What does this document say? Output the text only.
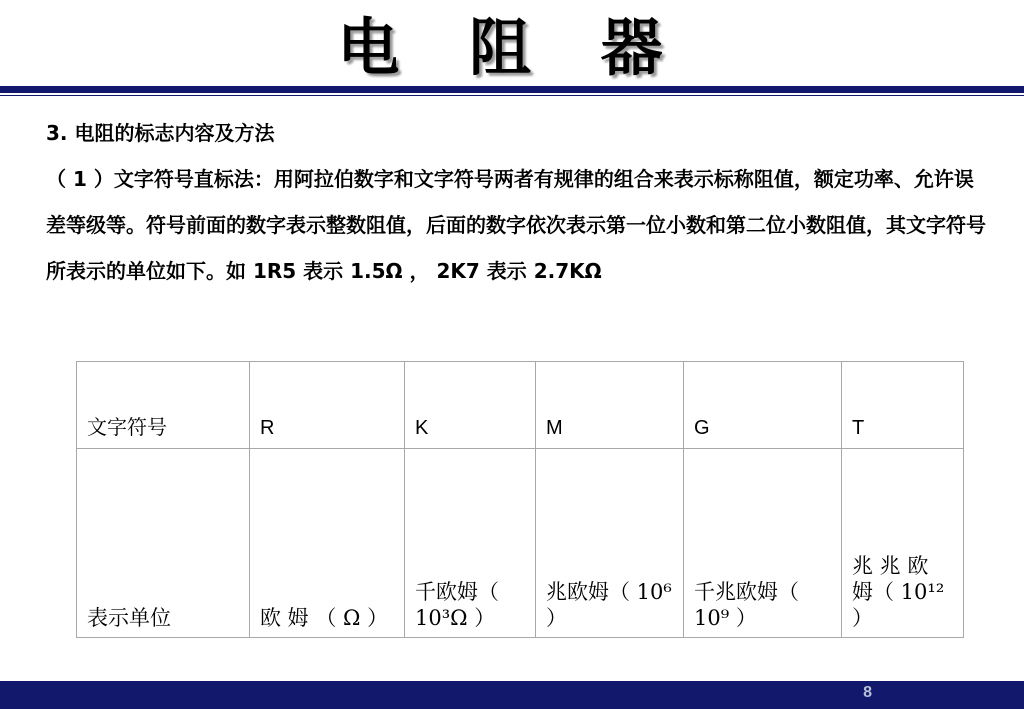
电 阻 器

3. 电阻的标志内容及方法

（ 1 ）文字符号直标法：用阿拉伯数字和文字符号两者有规律的组合来表示标称阻值，额定功率、允许误差等级等。符号前面的数字表示整数阻值，后面的数字依次表示第一位小数和第二位小数阻值，其文字符号所表示的单位如下。如 1R5 表示 1.5Ω ， 2K7 表示 2.7KΩ

文字符号	R	K	M	G	T
表示单位	欧 姆 （ Ω ）	千欧姆（ 10³Ω ）	兆欧姆（ 10⁶ ）	千兆欧姆（ 10⁹ ）	兆 兆 欧 姆（ 10¹² ）
8
